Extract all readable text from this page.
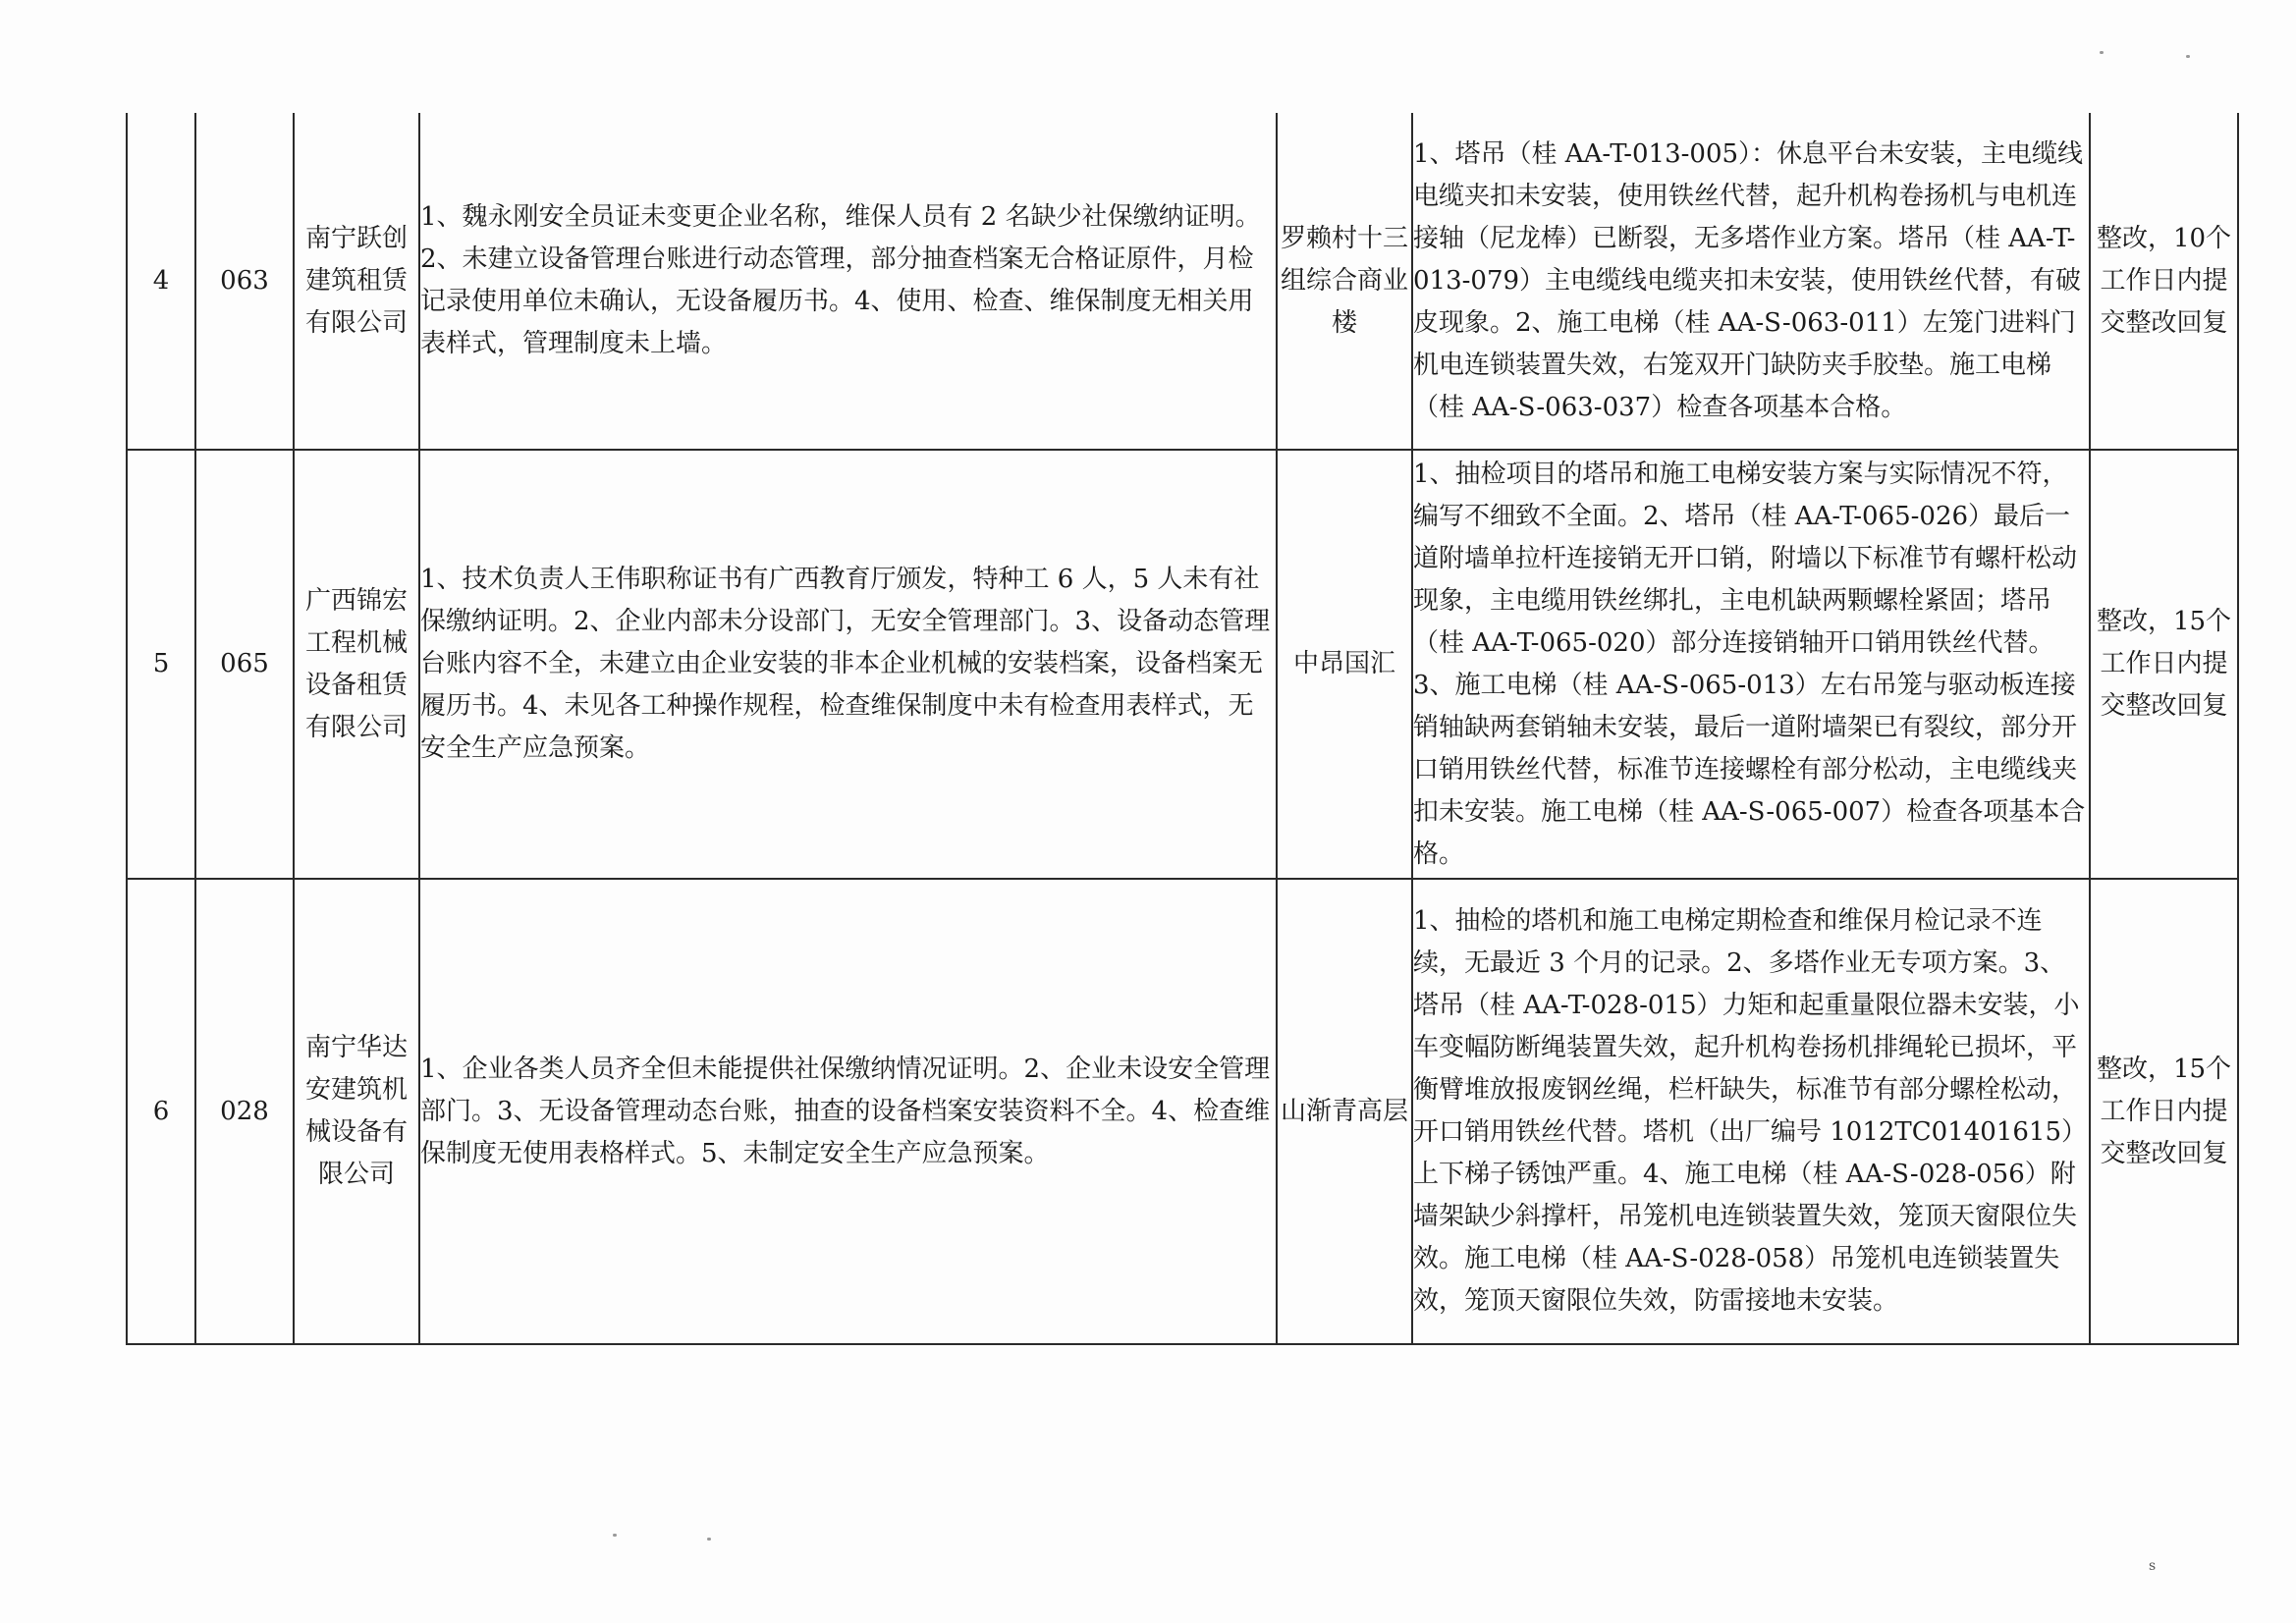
4	063	南宁跃创建筑租赁有限公司	1、魏永刚安全员证未变更企业名称，维保人员有 2 名缺少社保缴纳证明。2、未建立设备管理台账进行动态管理，部分抽查档案无合格证原件，月检记录使用单位未确认，无设备履历书。4、使用、检查、维保制度无相关用表样式，管理制度未上墙。	罗赖村十三组综合商业楼	1、塔吊（桂 AA-T-013-005）：休息平台未安装，主电缆线电缆夹扣未安装，使用铁丝代替，起升机构卷扬机与电机连接轴（尼龙棒）已断裂，无多塔作业方案。塔吊（桂 AA-T-013-079）主电缆线电缆夹扣未安装，使用铁丝代替，有破皮现象。2、施工电梯（桂 AA-S-063-011）左笼门进料门机电连锁装置失效，右笼双开门缺防夹手胶垫。施工电梯（桂 AA-S-063-037）检查各项基本合格。	整改，10个工作日内提交整改回复
5	065	广西锦宏工程机械设备租赁有限公司	1、技术负责人王伟职称证书有广西教育厅颁发，特种工 6 人，5 人未有社保缴纳证明。2、企业内部未分设部门，无安全管理部门。3、设备动态管理台账内容不全，未建立由企业安装的非本企业机械的安装档案，设备档案无履历书。4、未见各工种操作规程，检查维保制度中未有检查用表样式，无安全生产应急预案。	中昂国汇	1、抽检项目的塔吊和施工电梯安装方案与实际情况不符，编写不细致不全面。2、塔吊（桂 AA-T-065-026）最后一道附墙单拉杆连接销无开口销，附墙以下标准节有螺杆松动现象，主电缆用铁丝绑扎，主电机缺两颗螺栓紧固；塔吊（桂 AA-T-065-020）部分连接销轴开口销用铁丝代替。3、施工电梯（桂 AA-S-065-013）左右吊笼与驱动板连接销轴缺两套销轴未安装，最后一道附墙架已有裂纹，部分开口销用铁丝代替，标准节连接螺栓有部分松动，主电缆线夹扣未安装。施工电梯（桂 AA-S-065-007）检查各项基本合格。	整改，15个工作日内提交整改回复
6	028	南宁华达安建筑机械设备有限公司	1、企业各类人员齐全但未能提供社保缴纳情况证明。2、企业未设安全管理部门。3、无设备管理动态台账，抽查的设备档案安装资料不全。4、检查维保制度无使用表格样式。5、未制定安全生产应急预案。	山渐青高层	1、抽检的塔机和施工电梯定期检查和维保月检记录不连续，无最近 3 个月的记录。2、多塔作业无专项方案。3、塔吊（桂 AA-T-028-015）力矩和起重量限位器未安装，小车变幅防断绳装置失效，起升机构卷扬机排绳轮已损坏，平衡臂堆放报废钢丝绳，栏杆缺失，标准节有部分螺栓松动，开口销用铁丝代替。塔机（出厂编号 1012TC01401615）上下梯子锈蚀严重。4、施工电梯（桂 AA-S-028-056）附墙架缺少斜撑杆，吊笼机电连锁装置失效，笼顶天窗限位失效。施工电梯（桂 AA-S-028-058）吊笼机电连锁装置失效，笼顶天窗限位失效，防雷接地未安装。	整改，15个工作日内提交整改回复
s
